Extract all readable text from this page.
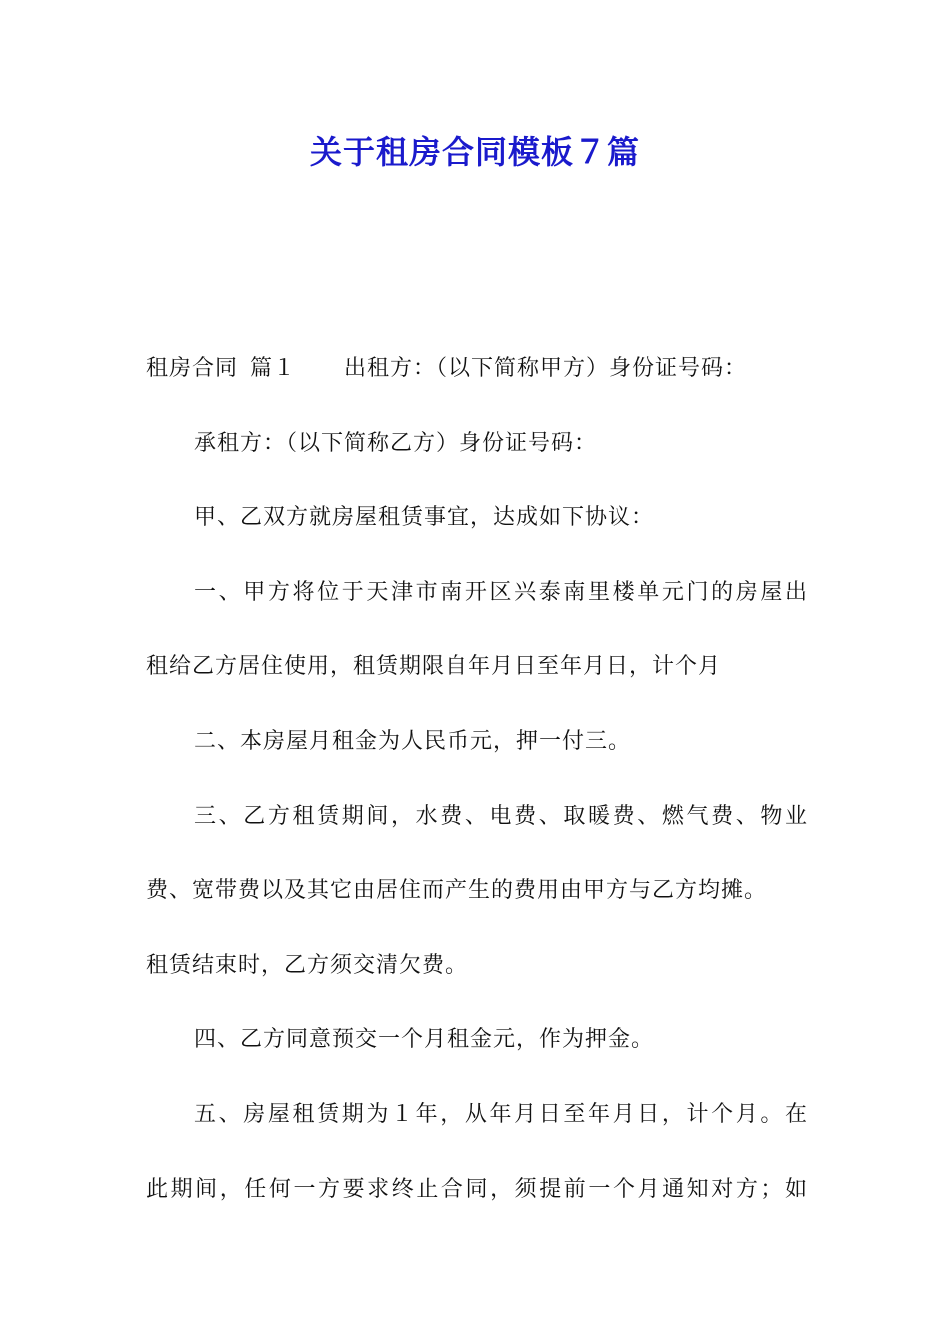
关于租房合同模板７篇
租房合同 篇１ 出租方：（以下简称甲方）身份证号码：
承租方：（以下简称乙方）身份证号码：
甲、乙双方就房屋租赁事宜，达成如下协议：
一、甲方将位于天津市南开区兴泰南里楼单元门的房屋出
租给乙方居住使用，租赁期限自年月日至年月日，计个月
二、本房屋月租金为人民币元，押一付三。
三、乙方租赁期间，水费、电费、取暖费、燃气费、物业
费、宽带费以及其它由居住而产生的费用由甲方与乙方均摊。
租赁结束时，乙方须交清欠费。
四、乙方同意预交一个月租金元，作为押金。
五、房屋租赁期为１年，从年月日至年月日，计个月。在
此期间，任何一方要求终止合同，须提前一个月通知对方；如
